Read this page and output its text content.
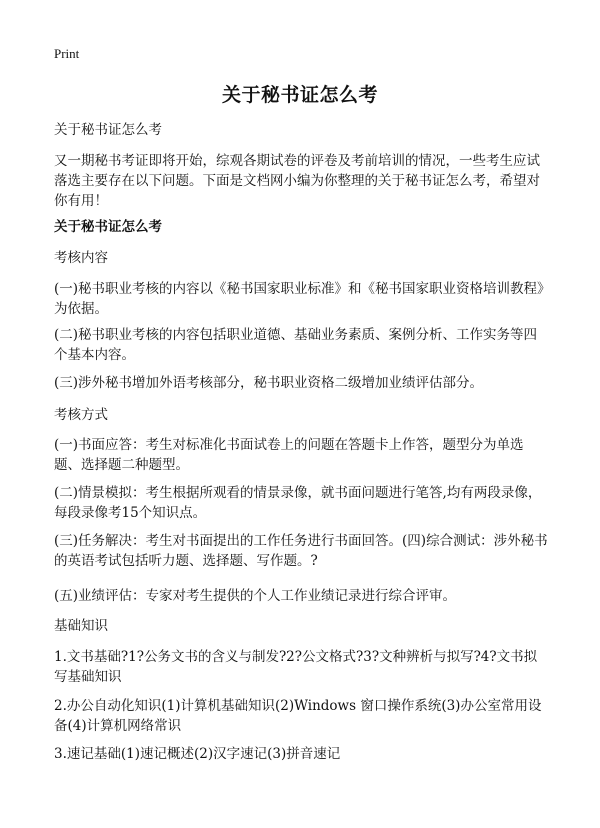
Print
关于秘书证怎么考

关于秘书证怎么考

又一期秘书考证即将开始，综观各期试卷的评卷及考前培训的情况，一些考生应试落选主要存在以下问题。下面是文档网小编为你整理的关于秘书证怎么考，希望对你有用！

关于秘书证怎么考

考核内容

(一)秘书职业考核的内容以《秘书国家职业标准》和《秘书国家职业资格培训教程》为依据。

(二)秘书职业考核的内容包括职业道德、基础业务素质、案例分析、工作实务等四个基本内容。

(三)涉外秘书增加外语考核部分，秘书职业资格二级增加业绩评估部分。

考核方式

(一)书面应答：考生对标准化书面试卷上的问题在答题卡上作答，题型分为单选题、选择题二种题型。

(二)情景模拟：考生根据所观看的情景录像，就书面问题进行笔答,均有两段录像，每段录像考15个知识点。

(三)任务解决：考生对书面提出的工作任务进行书面回答。(四)综合测试：涉外秘书的英语考试包括听力题、选择题、写作题。?

(五)业绩评估：专家对考生提供的个人工作业绩记录进行综合评审。

基础知识

1.文书基础?1?公务文书的含义与制发?2?公文格式?3?文种辨析与拟写?4?文书拟写基础知识

2.办公自动化知识(1)计算机基础知识(2)Windows 窗口操作系统(3)办公室常用设备(4)计算机网络常识

3.速记基础(1)速记概述(2)汉字速记(3)拼音速记
